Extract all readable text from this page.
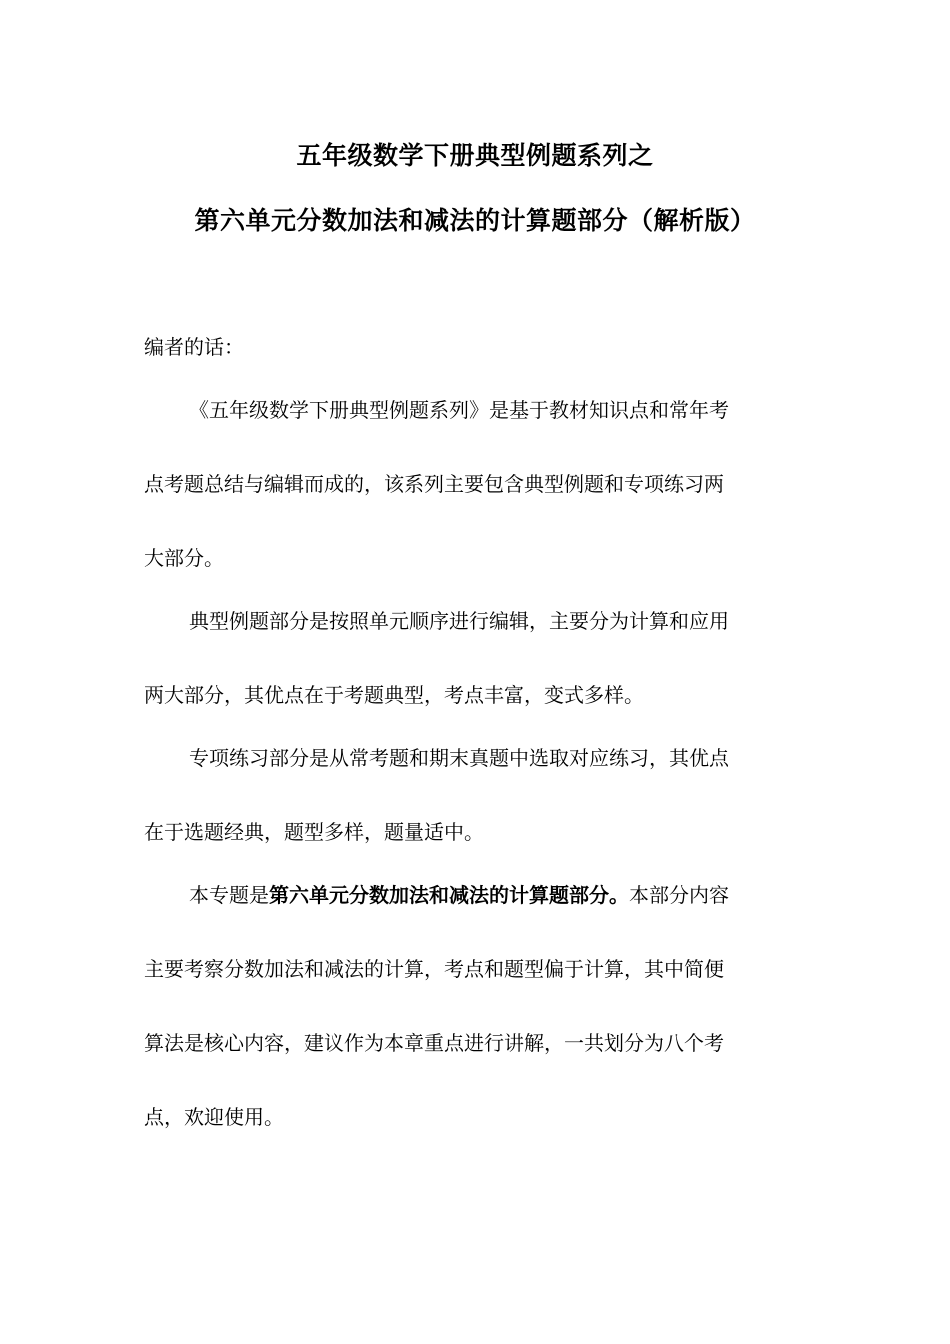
五年级数学下册典型例题系列之
第六单元分数加法和减法的计算题部分（解析版）
编者的话：
《五年级数学下册典型例题系列》是基于教材知识点和常年考
点考题总结与编辑而成的，该系列主要包含典型例题和专项练习两
大部分。
典型例题部分是按照单元顺序进行编辑，主要分为计算和应用
两大部分，其优点在于考题典型，考点丰富，变式多样。
专项练习部分是从常考题和期末真题中选取对应练习，其优点
在于选题经典，题型多样，题量适中。
本专题是第六单元分数加法和减法的计算题部分。本部分内容
主要考察分数加法和减法的计算，考点和题型偏于计算，其中简便
算法是核心内容，建议作为本章重点进行讲解，一共划分为八个考
点，欢迎使用。
